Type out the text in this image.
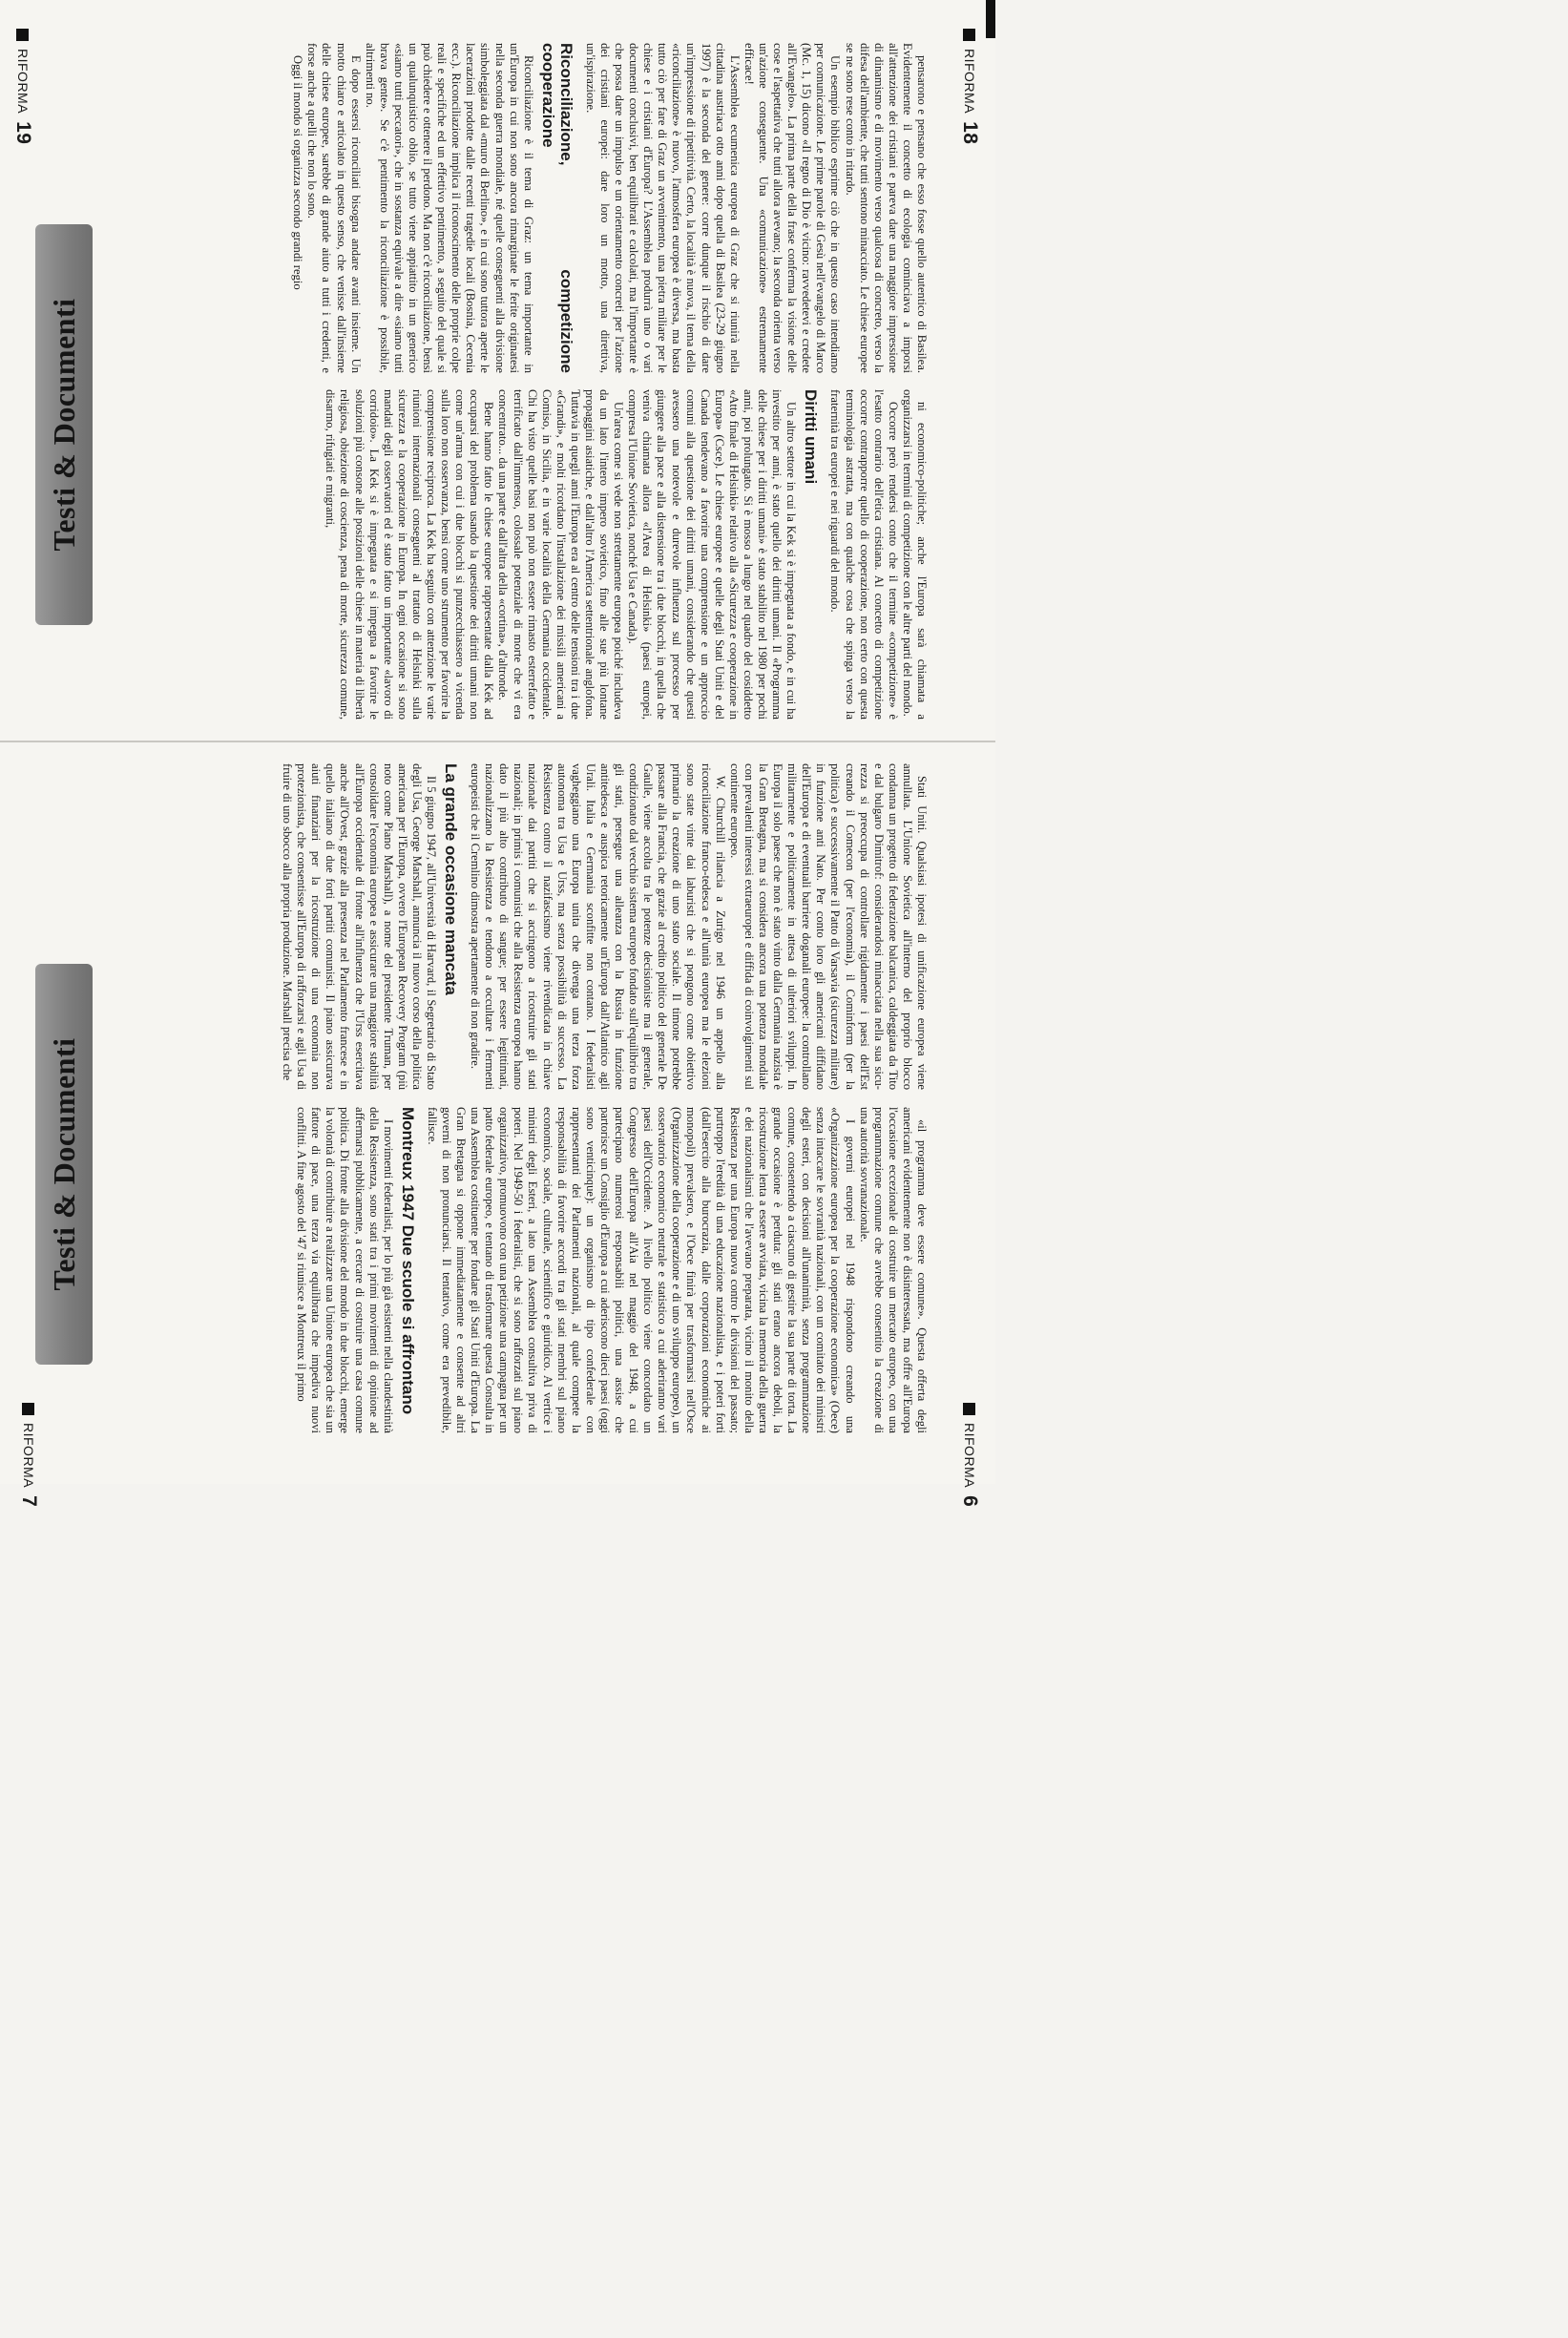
RIFORMA
18
RIFORMA
19
Testi & Documenti

pensarono e pensano che esso fosse quello autentico di Basilea. Evidentemente il concetto di ecologia cominciava a imporsi all'attenzione dei cristiani e pareva dare una maggiore impressione di dinamismo e di movimento verso qualcosa di concreto, verso la difesa dell'ambiente, che tutti sentono minacciato. Le chiese europee se ne sono rese conto in ritardo.

Un esempio biblico esprime ciò che in questo caso intendiamo per comunicazione. Le prime parole di Gesù nell'evangelo di Marco (Mc. 1, 15) dicono «Il regno di Dio è vicino: ravvedetevi e credete all'Evangelo». La prima parte della frase conferma la visione delle cose e l'aspettativa che tutti allora avevano; la seconda orienta verso un'azione conseguente. Una «comunicazione» estremamente efficace!

L'Assemblea ecumenica europea di Graz che si riunirà nella cittadina austriaca otto anni dopo quella di Basilea (23-29 giugno 1997) è la seconda del genere: corre dunque il rischio di dare un'impressione di ripetitività. Certo, la località è nuova, il tema della «riconciliazione» è nuovo, l'atmosfera europea è diversa, ma basta tutto ciò per fare di Graz un avvenimento, una pietra miliare per le chiese e i cristiani d'Europa? L'Assemblea produrrà uno o vari documenti conclusivi, ben equilibrati e calcolati, ma l'importante è che possa dare un impulso e un orientamento concreti per l'azione dei cristiani europei: dare loro un motto, una direttiva, un'ispirazione.

Riconciliazione, competizione cooperazione

Riconciliazione è il tema di Graz: un tema importante in un'Europa in cui non sono ancora rimarginate le ferite originatesi nella seconda guerra mondiale, né quelle conseguenti alla divisione simboleggiata dal «muro di Berlino», e in cui sono tuttora aperte le lacerazioni prodotte dalle recenti tragedie locali (Bosnia, Cecenia ecc.). Riconciliazione implica il riconoscimento delle proprie colpe reali e specifiche ed un effettivo pentimento, a seguito del quale si può chiedere e ottenere il perdono. Ma non c'è riconciliazione, bensì un qualunquistico oblio, se tutto viene appiattito in un generico «siamo tutti peccatori», che in sostanza equivale a dire «siamo tutti brava gente». Se c'è pentimento la riconciliazione è possibile, altrimenti no.

E dopo essersi riconciliati bisogna andare avanti insieme. Un motto chiaro e articolato in questo senso, che venisse dall'insieme delle chiese europee, sarebbe di grande aiuto a tutti i credenti, e forse anche a quelli che non lo sono.

Oggi il mondo si organizza secondo grandi regio

ni economico-politiche; anche l'Europa sarà chiamata a organizzarsi in termini di competizione con le altre parti del mondo.

Occorre però rendersi conto che il termine «competizione» è l'esatto contrario dell'etica cristiana. Al concetto di competizione occorre contrapporre quello di cooperazione, non certo con questa terminologia astratta, ma con qualche cosa che spinga verso la fraternità tra europei e nei riguardi del mondo.

Diritti umani

Un altro settore in cui la Kek si è impegnata a fondo, e in cui ha investito per anni, è stato quello dei diritti umani. Il «Programma delle chiese per i diritti umani» è stato stabilito nel 1980 per pochi anni, poi prolungato. Si è mosso a lungo nel quadro del cosiddetto «Atto finale di Helsinki» relativo alla «Sicurezza e cooperazione in Europa» (Csce). Le chiese europee e quelle degli Stati Uniti e del Canada tendevano a favorire una comprensione e un approccio comuni alla questione dei diritti umani, considerando che questi avessero una notevole e durevole influenza sul processo per giungere alla pace e alla distensione tra i due blocchi, in quella che veniva chiamata allora «l'Area di Helsinki» (paesi europei, compresa l'Unione Sovietica, nonché Usa e Canada).

Un'area come si vede non strettamente europea poiché includeva da un lato l'intero impero sovietico, fino alle sue più lontane propaggini asiatiche, e dall'altro l'America settentrionale anglofona. Tuttavia in quegli anni l'Europa era al centro delle tensioni tra i due «Grandi», e molti ricordano l'installazione dei missili americani a Comiso, in Sicilia, e in varie località della Germania occidentale. Chi ha visto quelle basi non può non essere rimasto esterrefatto e terrificato dall'immenso, colossale potenziale di morte che vi era concentrato... da una parte e dall'altra della «cortina», d'altronde.

Bene hanno fatto le chiese europee rappresentate dalla Kek ad occuparsi del problema usando la questione dei diritti umani non come un'arma con cui i due blocchi si punzecchiassero a vicenda sulla loro non osservanza, bensì come uno strumento per favorire la comprensione reciproca. La Kek ha seguito con attenzione le varie riunioni internazionali conseguenti al trattato di Helsinki sulla sicurezza e la cooperazione in Europa. In ogni occasione si sono mandati degli osservatori ed è stato fatto un importante «lavoro di corridoio». La Kek si è impegnata e si impegna a favorire le soluzioni più consone alle posizioni delle chiese in materia di libertà religiosa, obiezione di coscienza, pena di morte, sicurezza comune, disarmo, rifugiati e migranti,

RIFORMA
6
RIFORMA
7
Testi & Documenti

Stati Uniti. Qualsiasi ipotesi di unificazione europea viene annullata. L'Unione Sovietica all'interno del proprio blocco condanna un progetto di federazione balcanica, caldeggiata da Tito e dal bulgaro Dimitrof: considerandosi minacciata nella sua sicurezza si preoccupa di controllare rigidamente i paesi dell'Est creando il Comecon (per l'economia), il Cominform (per la politica) e successivamente il Patto di Varsavia (sicurezza militare) in funzione anti Nato. Per conto loro gli americani diffidano dell'Europa e di eventuali barriere doganali europee: la controllano militarmente e politicamente in attesa di ulteriori sviluppi. In Europa il solo paese che non è stato vinto dalla Germania nazista è la Gran Bretagna, ma si considera ancora una potenza mondiale con prevalenti interessi extraeuropei e diffida di coinvolgimenti sul continente europeo.

W. Churchill rilancia a Zurigo nel 1946 un appello alla riconciliazione franco-tedesca e all'unità europea ma le elezioni sono state vinte dai laburisti che si pongono come obiettivo primario la creazione di uno stato sociale. Il timone potrebbe passare alla Francia, che grazie al credito politico del generale De Gaulle, viene accolta tra le potenze decisioniste ma il generale, condizionato dal vecchio sistema europeo fondato sull'equilibrio tra gli stati, persegue una alleanza con la Russia in funzione antitedesca e auspica retoricamente un'Europa dall'Atlantico agli Urali. Italia e Germania sconfitte non contano. I federalisti vagheggiano una Europa unita che divenga una terza forza autonoma tra Usa e Urss, ma senza possibilità di successo. La Resistenza contro il nazifascismo viene rivendicata in chiave nazionale dai partiti che si accingono a ricostruire gli stati nazionali; in primis i comunisti che alla Resistenza europea hanno dato il più alto contributo di sangue; per essere legittimati, nazionalizzano la Resistenza e tendono a occultare i fermenti europeisti che il Cremlino dimostra apertamente di non gradire.

La grande occasione mancata

Il 5 giugno 1947, all'Università di Harvard, il Segretario di Stato degli Usa, George Marshall, annuncia il nuovo corso della politica americana per l'Europa, ovvero l'European Recovery Program (più noto come Piano Marshall), a nome del presidente Truman, per consolidare l'economia europea e assicurare una maggiore stabilità all'Europa occidentale di fronte all'influenza che l'Urss esercitava anche all'Ovest, grazie alla presenza nel Parlamento francese e in quello italiano di due forti partiti comunisti. Il piano assicurava aiuti finanziari per la ricostruzione di una economia non protezionista, che consentisse all'Europa di rafforzarsi e agli Usa di fruire di uno sbocco alla propria produzione. Marshall precisa che

«il programma deve essere comune». Questa offerta degli americani evidentemente non è disinteressata, ma offre all'Europa l'occasione eccezionale di costruire un mercato europeo, con una programmazione comune che avrebbe consentito la creazione di una autorità sovranazionale.

I governi europei nel 1948 rispondono creando una «Organizzazione europea per la cooperazione economica» (Oece) senza intaccare le sovranità nazionali, con un comitato dei ministri degli esteri, con decisioni all'unanimità, senza programmazione comune, consentendo a ciascuno di gestire la sua parte di torta. La grande occasione è perduta: gli stati erano ancora deboli, la ricostruzione lenta a essere avviata, vicina la memoria della guerra e dei nazionalismi che l'avevano preparata, vicino il monito della Resistenza per una Europa nuova contro le divisioni del passato; purtroppo l'eredità di una educazione nazionalista, e i poteri forti (dall'esercito alla burocrazia, dalle corporazioni economiche ai monopoli) prevalsero, e l'Oece finirà per trasformarsi nell'Osce (Organizzazione della cooperazione e di uno sviluppo europeo), un osservatorio economico neutrale e statistico a cui aderiranno vari paesi dell'Occidente. A livello politico viene concordato un Congresso dell'Europa all'Aia nel maggio del 1948, a cui partecipano numerosi responsabili politici, una assise che partorisce un Consiglio d'Europa a cui aderiscono dieci paesi (oggi sono venticinque): un organismo di tipo confederale con rappresentanti dei Parlamenti nazionali, al quale compete la responsabilità di favorire accordi tra gli stati membri sul piano economico, sociale, culturale, scientifico e giuridico. Al vertice i ministri degli Esteri, a lato una Assemblea consultiva priva di poteri. Nel 1949-50 i federalisti, che si sono rafforzati sul piano organizzativo, promuovono con una petizione una campagna per un patto federale europeo, e tentano di trasformare questa Consulta in una Assemblea costituente per fondare gli Stati Uniti d'Europa. La Gran Bretagna si oppone immediatamente e consente ad altri governi di non pronunciarsi. Il tentativo, come era prevedibile, fallisce.

Montreux 1947 Due scuole si affrontano

I movimenti federalisti, per lo più già esistenti nella clandestinità della Resistenza, sono stati tra i primi movimenti di opinione ad affermarsi pubblicamente, a cercare di costruire una casa comune politica. Di fronte alla divisione del mondo in due blocchi, emerge la volontà di contribuire a realizzare una Unione europea che sia un fattore di pace, una terza via equilibrata che impediva nuovi conflitti. A fine agosto del '47 si riunisce a Montreux il primo
